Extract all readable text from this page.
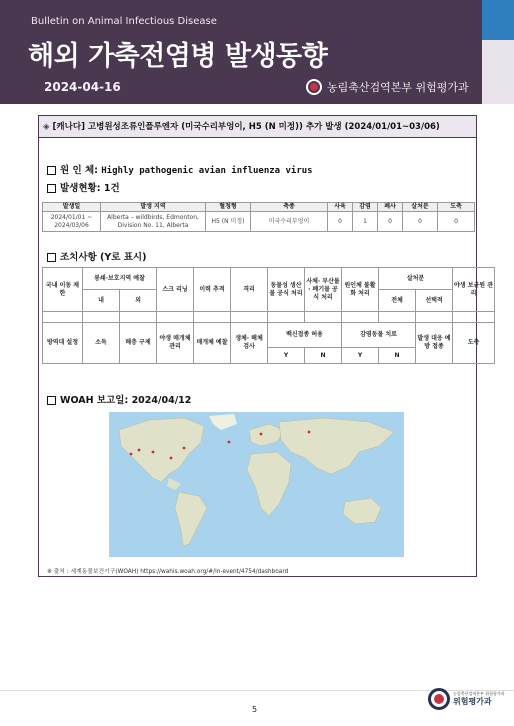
Bulletin on Animal Infectious Disease
해외 가축전염병 발생동향
2024-04-16	농림축산검역본부 위험평가과
◈ [캐나다] 고병원성조류인플루엔자 (미국수리부엉이, H5 (N 미정)) 추가 발생 (2024/01/01~03/06)
원 인 체: Highly pathogenic avian influenza virus
발생현황: 1건
발생일	발생 지역	혈청형	축종	사육	감염	폐사	살처분	도축
2024/01/01 ~ 2024/03/06	Alberta – wildbirds, Edmonton, Division No. 11, Alberta	H5 (N 미정)	미국수리부엉이	0	1	0	0	0
조치사항 (Y로 표시)
국내 이동 제한	봉쇄·보호지역 예찰		스크 리닝	이력 추적	격리	동물성 생산물 공식 처리	사체· 부산물· 폐기물 공식 처리	원인체 불활화 처리	살처분		야생 보균원 관리
	내	외							전체	선택적	

방역대 설정	소독	해충 구제	야생 매개체 관리	매개체 예찰	생체· 해체 검사	백신접종 허용		감염동물 치료		발생 대응 예방 접종	도축
						Y	N	Y	N		
WOAH 보고일: 2024/04/12
※ 출처 : 세계동물보건기구(WOAH) https://wahis.woah.org/#/in-event/4754/dashboard
5
농림축산검역본부 위험평가과
위험평가과
